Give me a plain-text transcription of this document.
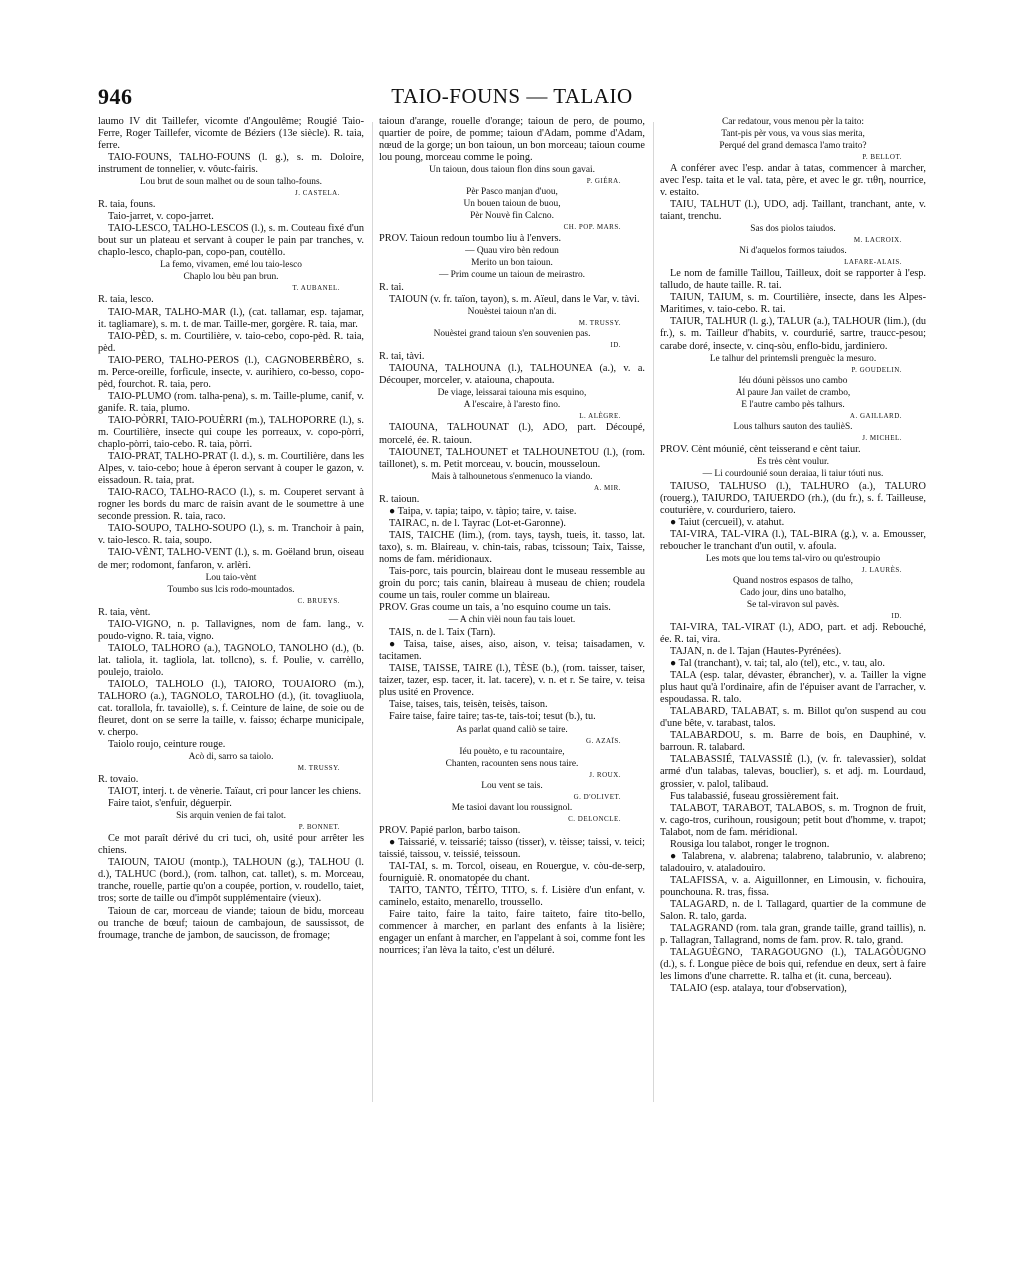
946	TAIO-FOUNS — TALAIO

laumo IV dit Taillefer, vicomte d'Angoulême; Rougié Taio-Ferre, Roger Taillefer, vicomte de Béziers (13e siècle). R. taia, ferre.

TAIO-FOUNS, TALHO-FOUNS (l. g.), s. m. Doloire, instrument de tonnelier, v. vôutc-fairis.

Lou brut de soun malhet ou de soun talho-founs.

J. CASTELA.

R. taia, founs.

Taio-jarret, v. copo-jarret.

TAIO-LESCO, TALHO-LESCOS (l.), s. m. Couteau fixé d'un bout sur un plateau et servant à couper le pain par tranches, v. chaplo-lesco, chaplo-pan, copo-pan, coutèllo.

La femo, vivamen, emé lou taio-lesco

Chaplo lou bèu pan brun.

T. AUBANEL.

R. taia, lesco.

TAIO-MAR, TALHO-MAR (l.), (cat. tallamar, esp. tajamar, it. tagliamare), s. m. t. de mar. Taille-mer, gorgère. R. taia, mar.

TAIO-PÈD, s. m. Courtilière, v. taio-cebo, copo-pèd. R. taia, pèd.

TAIO-PERO, TALHO-PEROS (l.), CAGNOBERBÈRO, s. m. Perce-oreille, forficule, insecte, v. aurihiero, co-besso, copo-pèd, fourchot. R. taia, pero.

TAIO-PLUMO (rom. talha-pena), s. m. Taille-plume, canif, v. ganife. R. taia, plumo.

TAIO-PÒRRI, TAIO-POUÈRRI (m.), TALHOPORRE (l.), s. m. Courtilière, insecte qui coupe les porreaux, v. copo-pòrri, chaplo-pòrri, taio-cebo. R. taia, pòrri.

TAIO-PRAT, TALHO-PRAT (l. d.), s. m. Courtilière, dans les Alpes, v. taio-cebo; houe à éperon servant à couper le gazon, v. eissadoun. R. taia, prat.

TAIO-RACO, TALHO-RACO (l.), s. m. Couperet servant à rogner les bords du marc de raisin avant de le soumettre à une seconde pression. R. taia, raco.

TAIO-SOUPO, TALHO-SOUPO (l.), s. m. Tranchoir à pain, v. taio-lesco. R. taia, soupo.

TAIO-VÈNT, TALHO-VENT (l.), s. m. Goëland brun, oiseau de mer; rodomont, fanfaron, v. arlèri.

Lou taio-vènt

Toumbo sus lcis rodo-mountados.

C. BRUEYS.

R. taia, vènt.

TAIO-VIGNO, n. p. Tallavignes, nom de fam. lang., v. poudo-vigno. R. taia, vigno.

TAIOLO, TALHORO (a.), TAGNOLO, TANOLHO (d.), (b. lat. taliola, it. tagliola, lat. tollcno), s. f. Poulie, v. carrèllo, poulejo, traiolo.

TAIOLO, TALHOLO (l.), TAIORO, TOUAIORO (m.), TALHORO (a.), TAGNOLO, TAROLHO (d.), (it. tovagliuola, cat. torallola, fr. tavaiolle), s. f. Ceinture de laine, de soie ou de fleuret, dont on se serre la taille, v. faisso; écharpe municipale, v. cherpo.

Taiolo roujo, ceinture rouge.

Acò di, sarro sa taiolo.

M. TRUSSY.

R. tovaio.

TAIOT, interj. t. de vènerie. Taïaut, cri pour lancer les chiens.

Faire taiot, s'enfuir, déguerpir.

Sis arquin venien de fai talot.

P. BONNET.

Ce mot paraît dérivé du cri tuci, oh, usité pour arrêter les chiens.

TAIOUN, TAIOU (montp.), TALHOUN (g.), TALHOU (l. d.), TALHUC (bord.), (rom. talhon, cat. tallet), s. m. Morceau, tranche, rouelle, partie qu'on a coupée, portion, v. roudello, taiet, tros; sorte de taille ou d'impôt supplémentaire (vieux).

Taioun de car, morceau de viande; taioun de bidu, morceau ou tranche de bœuf; taioun de cambajoun, de saussissot, de froumage, tranche de jambon, de saucisson, de fromage;

taioun d'arange, rouelle d'orange; taioun de pero, de poumo, quartier de poire, de pomme; taioun d'Adam, pomme d'Adam, nœud de la gorge; un bon taioun, un bon morceau; taioun coume lou poung, morceau comme le poing.

Un taioun, dous taioun flon dins soun gavai.

P. GIÉRA.

Pèr Pasco manjan d'uou,

Un bouen taioun de buou,

Pèr Nouvè fin Calcno.

CH. POP. MARS.

PROV. Taioun redoun toumbo liu à l'envers.

— Quau viro bèn redoun

Merito un bon taioun.

— Prim coume un taioun de meirastro.

R. tai.

TAIOUN (v. fr. taïon, tayon), s. m. Aïeul, dans le Var, v. tàvi.

Nouèstei taioun n'an di.

M. TRUSSY.

Nouèstei grand taioun s'en souvenien pas.

ID.

R. tai, tàvi.

TAIOUNA, TALHOUNA (l.), TALHOUNEA (a.), v. a. Découper, morceler, v. ataiouna, chapouta.

De viage, leissarai taiouna mis esquino,

A l'escaire, à l'aresto fino.

L. ALÈGRE.

TAIOUNA, TALHOUNAT (l.), ADO, part. Découpé, morcelé, ée. R. taioun.

TAIOUNET, TALHOUNET et TALHOUNETOU (l.), (rom. taillonet), s. m. Petit morceau, v. boucin, mousseloun.

Mais à talhounetous s'enmenuco la viando.

A. MIR.

R. taioun.

● Taipa, v. tapia; taipo, v. tàpio; taire, v. taise.

TAIRAC, n. de l. Tayrac (Lot-et-Garonne).

TAIS, TAICHE (lim.), (rom. tays, taysh, tueis, it. tasso, lat. taxo), s. m. Blaireau, v. chin-tais, rabas, tcissoun; Taix, Taisse, noms de fam. méridionaux.

Tais-porc, tais pourcin, blaireau dont le museau ressemble au groin du porc; tais canin, blaireau à museau de chien; roudela coume un tais, rouler comme un blaireau.

PROV. Gras coume un tais, a 'no esquino coume un tais.

— A chin vièi noun fau tais louet.

TAIS, n. de l. Taix (Tarn).

● Taisa, taise, aises, aiso, aison, v. teisa; taisadamen, v. tacitamen.

TAISE, TAISSE, TAIRE (l.), TÈSE (b.), (rom. taisser, taiser, taizer, tazer, esp. tacer, it. lat. tacere), v. n. et r. Se taire, v. teisa plus usité en Provence.

Taise, taises, tais, teisèn, teisès, taison.

Faire taise, faire taire; tas-te, tais-toi; tesut (b.), tu.

As parlat quand caliò se taire.

G. AZAÏS.

Iéu pouèto, e tu racountaire,

Chanten, racounten sens nous taire.

J. ROUX.

Lou vent se tais.

G. D'OLIVET.

Me tasioi davant lou roussignol.

C. DELONCLE.

PROV. Papié parlon, barbo taison.

● Taissarié, v. teissarié; taisso (tisser), v. tèisse; taissi, v. teici; taissié, taissou, v. teissié, teissoun.

TAI-TAI, s. m. Torcol, oiseau, en Rouergue, v. còu-de-serp, fourniguiè. R. onomatopée du chant.

TAITO, TANTO, TÈITO, TITO, s. f. Lisière d'un enfant, v. caminelo, estaito, menarello, troussello.

Faire taito, faire la taito, faire taiteto, faire tito-bello, commencer à marcher, en parlant des enfants à la lisière; engager un enfant à marcher, en l'appelant à soi, comme font les nourrices; i'an lèva la taito, c'est un déluré.

Car redatour, vous menou pèr la taito:

Tant-pis pèr vous, va vous sias merita,

Perqué del grand demasca l'amo traito?

P. BELLOT.

A conférer avec l'esp. andar à tatas, commencer à marcher, avec l'esp. taita et le val. tata, père, et avec le gr. τιθη, nourrice, v. estaito.

TAIU, TALHUT (l.), UDO, adj. Taillant, tranchant, ante, v. taiant, trenchu.

Sas dos piolos taiudos.

M. LACROIX.

Ni d'aquelos formos taiudos.

LAFARE-ALAIS.

Le nom de famille Taillou, Tailleux, doit se rapporter à l'esp. talludo, de haute taille. R. tai.

TAIUN, TAIUM, s. m. Courtilière, insecte, dans les Alpes-Maritimes, v. taio-cebo. R. tai.

TAIUR, TALHUR (l. g.), TALUR (a.), TALHOUR (lim.), (du fr.), s. m. Tailleur d'habits, v. courdurié, sartre, traucc-pesou; carabe doré, insecte, v. cinq-sòu, enflo-bidu, jardiniero.

Le talhur del printemsli prenguèc la mesuro.

P. GOUDELIN.

Iéu dóuni pèissos uno cambo

Al paure Jan vailet de crambo,

E l'autre cambo pès talhurs.

A. GAILLARD.

Lous talhurs sauton des taulièS.

J. MICHEL.

PROV. Cènt móunié, cènt teisserand e cènt taiur.

Es trės cènt voulur.

— Li courdounié soun deraiaa, li taiur tóuti nus.

TAIUSO, TALHUSO (l.), TALHURO (a.), TALURO (rouerg.), TAIURDO, TAIUERDO (rh.), (du fr.), s. f. Tailleuse, couturière, v. courduriero, taiero.

● Taiut (cercueil), v. atahut.

TAI-VIRA, TAL-VIRA (l.), TAL-BIRA (g.), v. a. Emousser, reboucher le tranchant d'un outil, v. afoula.

Les mots que lou tems tal-viro ou qu'estroupio

J. LAURÈS.

Quand nostros espasos de talho,

Cado jour, dins uno batalho,

Se tal-viravon sul pavès.

ID.

TAI-VIRA, TAL-VIRAT (l.), ADO, part. et adj. Rebouché, ée. R. tai, vira.

TAJAN, n. de l. Tajan (Hautes-Pyrénées).

● Tal (tranchant), v. tai; tal, alo (tel), etc., v. tau, alo.

TALA (esp. talar, dévaster, ébrancher), v. a. Tailler la vigne plus haut qu'à l'ordinaire, afin de l'épuiser avant de l'arracher, v. espoudassa. R. talo.

TALABARD, TALABAT, s. m. Billot qu'on suspend au cou d'une bête, v. tarabast, talos.

TALABARDOU, s. m. Barre de bois, en Dauphiné, v. barroun. R. talabard.

TALABASSIÉ, TALVASSIÈ (l.), (v. fr. talevassier), soldat armé d'un talabas, talevas, bouclier), s. et adj. m. Lourdaud, grossier, v. palol, talibaud.

Fus talabassié, fuseau grossièrement fait.

TALABOT, TARABOT, TALABOS, s. m. Trognon de fruit, v. cago-tros, curihoun, rousigoun; petit bout d'homme, v. trapot; Talabot, nom de fam. méridional.

Rousiga lou talabot, ronger le trognon.

● Talabrena, v. alabrena; talabreno, talabrunio, v. alabreno; taladouiro, v. ataladouiro.

TALAFISSA, v. a. Aiguillonner, en Limousin, v. fichouira, pounchouna. R. tras, fissa.

TALAGARD, n. de l. Tallagard, quartier de la commune de Salon. R. talo, garda.

TALAGRAND (rom. tala gran, grande taille, grand taillis), n. p. Tallagran, Tallagrand, noms de fam. prov. R. talo, grand.

TALAGUÈGNO, TARAGOUGNO (l.), TALAGÒUGNO (d.), s. f. Longue pièce de bois qui, refendue en deux, sert à faire les limons d'une charrette. R. talha et (it. cuna, berceau).

TALAIO (esp. atalaya, tour d'observation),
